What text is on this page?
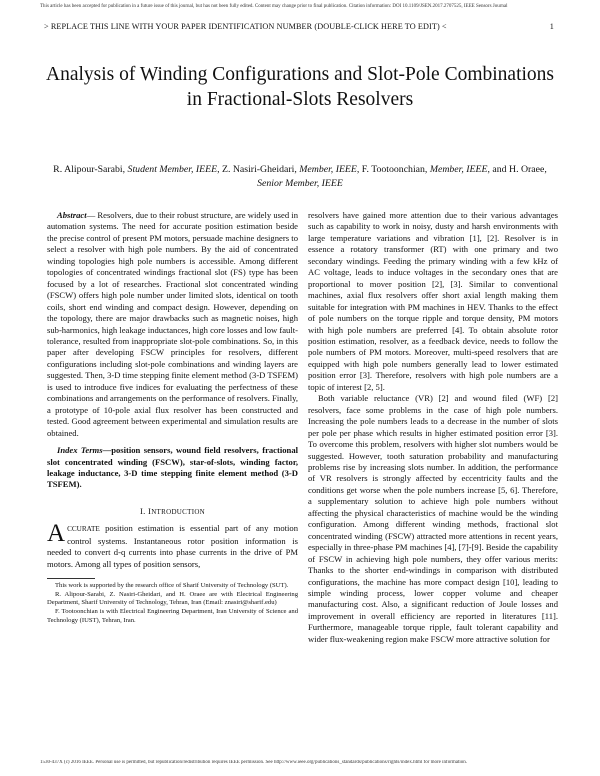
This article has been accepted for publication in a future issue of this journal, but has not been fully edited. Content may change prior to final publication. Citation information: DOI 10.1109/JSEN.2017.2707525, IEEE Sensors Journal
> REPLACE THIS LINE WITH YOUR PAPER IDENTIFICATION NUMBER (DOUBLE-CLICK HERE TO EDIT) <	1
Analysis of Winding Configurations and Slot-Pole Combinations in Fractional-Slots Resolvers
R. Alipour-Sarabi, Student Member, IEEE, Z. Nasiri-Gheidari, Member, IEEE, F. Tootoonchian, Member, IEEE, and H. Oraee, Senior Member, IEEE

Abstract— Resolvers, due to their robust structure, are widely used in automation systems. The need for accurate position estimation beside the precise control of present PM motors, persuade machine designers to select a resolver with high pole numbers. By the aid of concentrated winding topologies high pole numbers is accessible. Among different topologies of concentrated windings fractional slot (FS) type has been focused by a lot of researches. Fractional slot concentrated winding (FSCW) offers high pole number under limited slots, identical on tooth coils, short end winding and compact design. However, depending on the topology, there are major drawbacks such as magnetic noises, high sub-harmonics, high leakage inductances, high core losses and low fault-tolerance, resulted from inappropriate slot-pole combinations. So, in this paper after developing FSCW principles for resolvers, different configurations including slot-pole combinations and winding layers are suggested. Then, 3-D time stepping finite element method (3-D TSFEM) is used to introduce five indices for evaluating the perfectness of these combinations and arrangements on the performance of resolvers. Finally, a prototype of 10-pole axial flux resolver has been constructed and tested. Good agreement between experimental and simulation results are obtained.

Index Terms—position sensors, wound field resolvers, fractional slot concentrated winding (FSCW), star-of-slots, winding factor, leakage inductance, 3-D time stepping finite element method (3-D TSFEM).

I. INTRODUCTION

ACCURATE position estimation is essential part of any motion control systems. Instantaneous rotor position information is needed to convert d-q currents into phase currents in the drive of PM motors. Among all types of position sensors,

This work is supported by the research office of Sharif University of Technology (SUT).

R. Alipour-Sarabi, Z. Nasiri-Gheidari, and H. Oraee are with Electrical Engineering Department, Sharif University of Technology, Tehran, Iran (Email: znasiri@sharif.edu)

F. Tootoonchian is with Electrical Engineering Department, Iran University of Science and Technology (IUST), Tehran, Iran.

resolvers have gained more attention due to their various advantages such as capability to work in noisy, dusty and harsh environments with large temperature variations and vibration [1], [2]. Resolver is in essence a rotatory transformer (RT) with one primary and two secondary windings. Feeding the primary winding with a few kHz of AC voltage, leads to induce voltages in the secondary ones that are proportional to mover position [2], [3]. Similar to conventional machines, axial flux resolvers offer short axial length making them suitable for integration with PM machines in HEV. Thanks to the effect of pole numbers on the torque ripple and torque density, PM motors with high pole numbers are preferred [4]. To obtain absolute rotor position estimation, resolver, as a feedback device, needs to follow the pole numbers of PM motors. Moreover, multi-speed resolvers that are equipped with high pole numbers generally lead to lower estimated position error [3]. Therefore, resolvers with high pole numbers are a topic of interest [2, 5].

Both variable reluctance (VR) [2] and wound filed (WF) [2] resolvers, face some problems in the case of high pole numbers. Increasing the pole numbers leads to a decrease in the number of slots per pole per phase which results in higher estimated position error [3]. To overcome this problem, resolvers with higher slot numbers would be suggested. However, tooth saturation probability and manufacturing problems rise by increasing slots number. In addition, the performance of VR resolvers is strongly affected by eccentricity faults and the conditions get worse when the pole numbers increase [5, 6]. Therefore, a supplementary solution to achieve high pole numbers without affecting the physical characteristics of machine would be the winding configuration. Among different winding methods, fractional slot concentrated winding (FSCW) attracted more attentions in recent years, especially in three-phase PM machines [4], [7]-[9]. Beside the capability of FSCW in achieving high pole numbers, they offer various merits: Thanks to the shorter end-windings in comparison with distributed configurations, the machine has more compact design [10], leading to simple winding process, lower copper volume and cheaper manufacturing cost. Also, a significant reduction of Joule losses and improvement in overall efficiency are reported in literatures [11]. Furthermore, manageable torque ripple, fault tolerant capability and wider flux-weakening region make FSCW more attractive solution for

1530-437X (c) 2016 IEEE. Personal use is permitted, but republication/redistribution requires IEEE permission. See http://www.ieee.org/publications_standards/publications/rights/index.html for more information.
